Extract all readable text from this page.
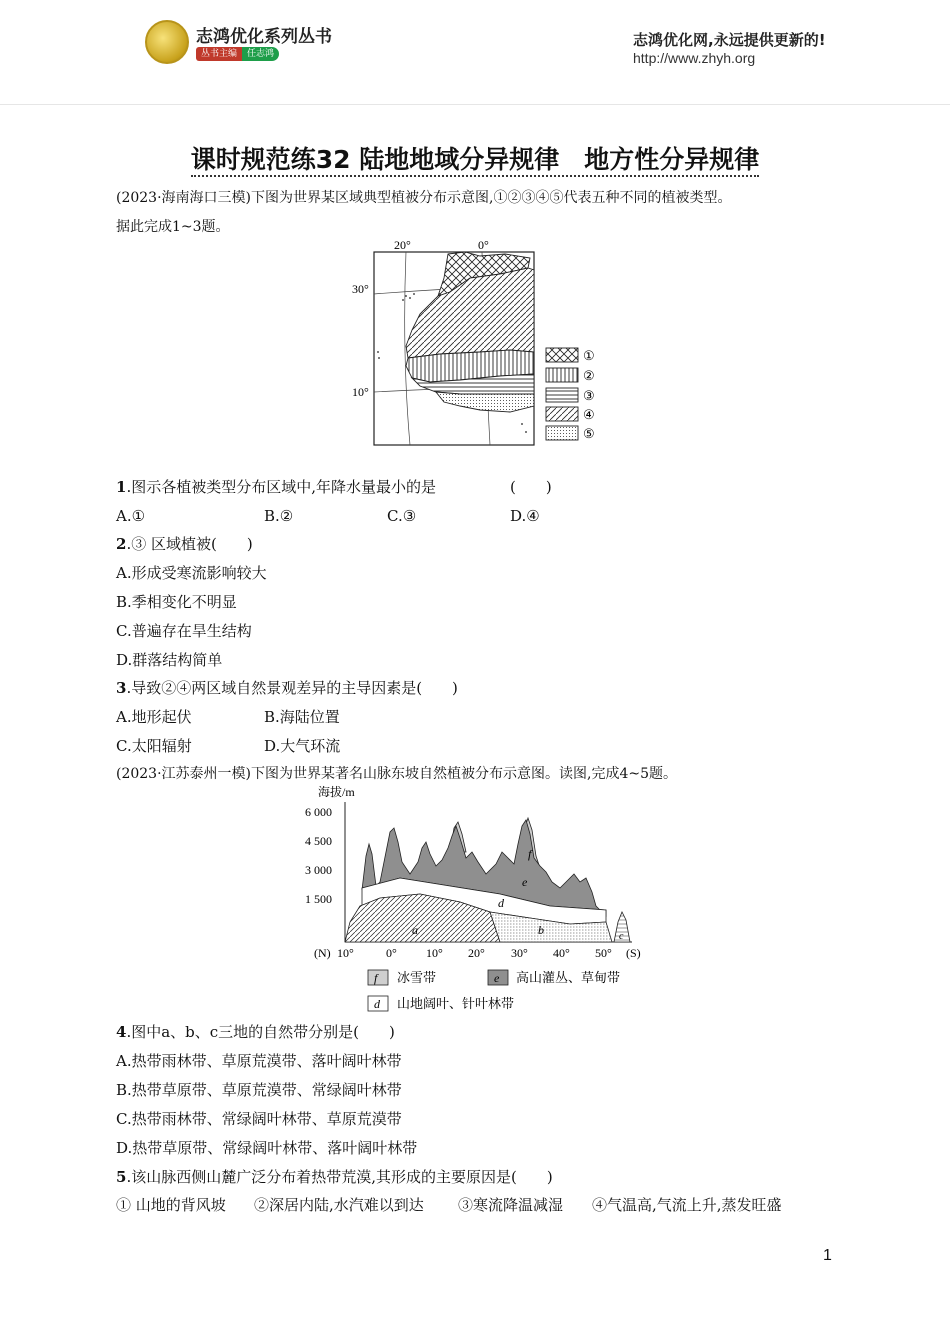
志鸿优化系列丛书
丛书主编	任志鸿
志鸿优化网,永远提供更新的!
http://www.zhyh.org
课时规范练32 陆地地域分异规律　地方性分异规律
(2023·海南海口三模)下图为世界某区域典型植被分布示意图,①②③④⑤代表五种不同的植被类型。
据此完成1~3题。
20°	0°
30°
10°
①
②
③
④
⑤
1.图示各植被类型分布区域中,年降水量最小的是	(　　)
A.①	B.②	C.③	D.④
2.③ 区域植被(　　)
A.形成受寒流影响较大
B.季相变化不明显
C.普遍存在旱生结构
D.群落结构简单
3.导致②④两区域自然景观差异的主导因素是(　　)
A.地形起伏	B.海陆位置
C.太阳辐射	D.大气环流
(2023·江苏泰州一模)下图为世界某著名山脉东坡自然植被分布示意图。读图,完成4~5题。
海拔/m
6 000
4 500
3 000
1 500
f
e
d
a	b	c
(N) 10°	0° 10° 20° 30° 40° 50° (S)
f 冰雪带	e 高山灌丛、草甸带
d 山地阔叶、针叶林带
4.图中a、b、c三地的自然带分别是(　　)
A.热带雨林带、草原荒漠带、落叶阔叶林带
B.热带草原带、草原荒漠带、常绿阔叶林带
C.热带雨林带、常绿阔叶林带、草原荒漠带
D.热带草原带、常绿阔叶林带、落叶阔叶林带
5.该山脉西侧山麓广泛分布着热带荒漠,其形成的主要原因是(　　)
① 山地的背风坡 ②深居内陆,水汽难以到达 ③寒流降温减湿 ④气温高,气流上升,蒸发旺盛
1
